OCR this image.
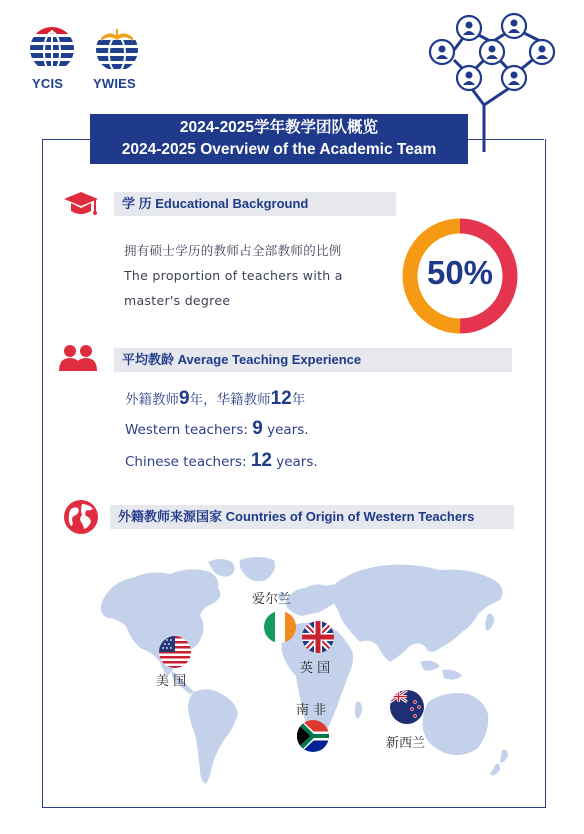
YCIS YWIES
2024-2025学年教学团队概览
2024-2025 Overview of the Academic Team
学 历 Educational Background
拥有硕士学历的教师占全部教师的比例
The proportion of teachers with a
master's degree
50%
平均教龄 Average Teaching Experience
外籍教师9年，华籍教师12年
Western teachers: 9 years.
Chinese teachers: 12 years.
外籍教师来源国家 Countries of Origin of Western Teachers
美 国
爱尔兰
英 国
南 非
新西兰
